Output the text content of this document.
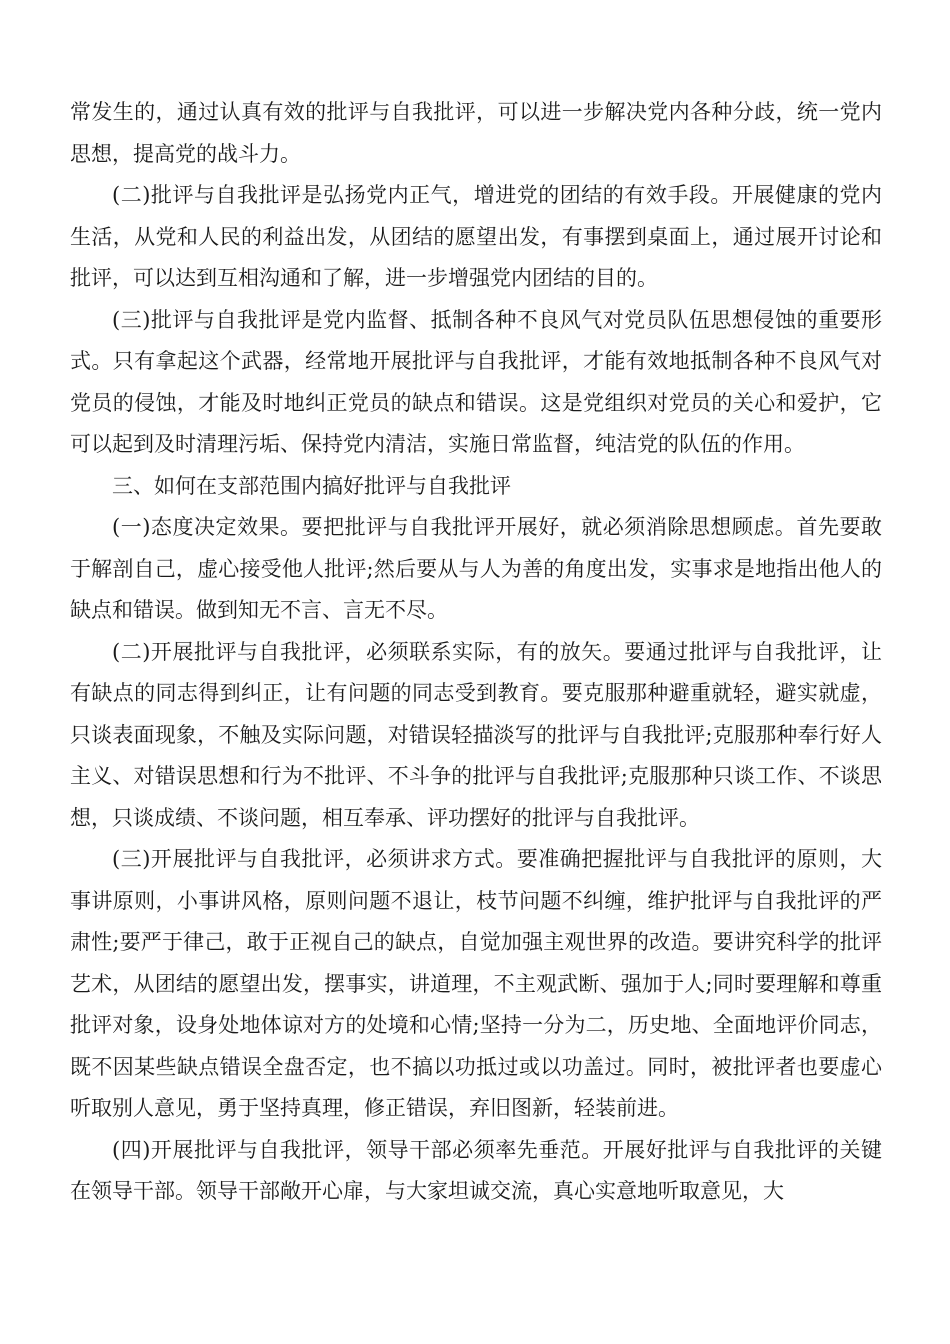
常发生的，通过认真有效的批评与自我批评，可以进一步解决党内各种分歧，统一党内思想，提高党的战斗力。

(二)批评与自我批评是弘扬党内正气，增进党的团结的有效手段。开展健康的党内生活，从党和人民的利益出发，从团结的愿望出发，有事摆到桌面上，通过展开讨论和批评，可以达到互相沟通和了解，进一步增强党内团结的目的。

(三)批评与自我批评是党内监督、抵制各种不良风气对党员队伍思想侵蚀的重要形式。只有拿起这个武器，经常地开展批评与自我批评，才能有效地抵制各种不良风气对党员的侵蚀，才能及时地纠正党员的缺点和错误。这是党组织对党员的关心和爱护，它可以起到及时清理污垢、保持党内清洁，实施日常监督，纯洁党的队伍的作用。

三、如何在支部范围内搞好批评与自我批评

(一)态度决定效果。要把批评与自我批评开展好，就必须消除思想顾虑。首先要敢于解剖自己，虚心接受他人批评;然后要从与人为善的角度出发，实事求是地指出他人的缺点和错误。做到知无不言、言无不尽。

(二)开展批评与自我批评，必须联系实际，有的放矢。要通过批评与自我批评，让有缺点的同志得到纠正，让有问题的同志受到教育。要克服那种避重就轻，避实就虚，只谈表面现象，不触及实际问题，对错误轻描淡写的批评与自我批评;克服那种奉行好人主义、对错误思想和行为不批评、不斗争的批评与自我批评;克服那种只谈工作、不谈思想，只谈成绩、不谈问题，相互奉承、评功摆好的批评与自我批评。

(三)开展批评与自我批评，必须讲求方式。要准确把握批评与自我批评的原则，大事讲原则，小事讲风格，原则问题不退让，枝节问题不纠缠，维护批评与自我批评的严肃性;要严于律己，敢于正视自己的缺点，自觉加强主观世界的改造。要讲究科学的批评艺术，从团结的愿望出发，摆事实，讲道理，不主观武断、强加于人;同时要理解和尊重批评对象，设身处地体谅对方的处境和心情;坚持一分为二，历史地、全面地评价同志，既不因某些缺点错误全盘否定，也不搞以功抵过或以功盖过。同时，被批评者也要虚心听取别人意见，勇于坚持真理，修正错误，弃旧图新，轻装前进。

(四)开展批评与自我批评，领导干部必须率先垂范。开展好批评与自我批评的关键在领导干部。领导干部敞开心扉，与大家坦诚交流，真心实意地听取意见，大
